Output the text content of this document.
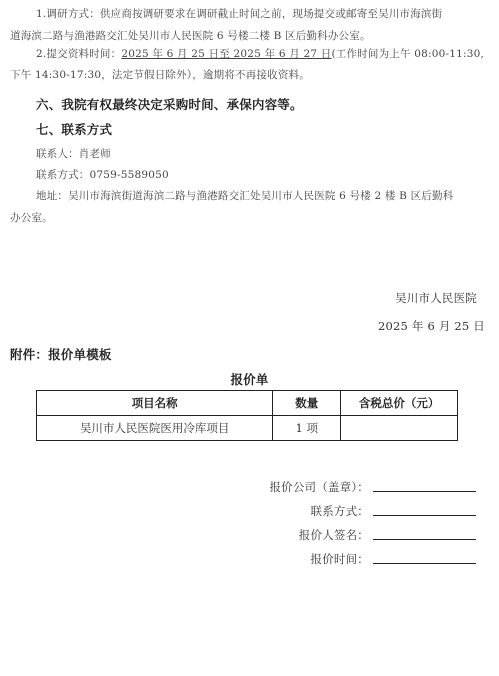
1.调研方式：供应商按调研要求在调研截止时间之前，现场提交或邮寄至吴川市海滨街
道海滨二路与渔港路交汇处吴川市人民医院 6 号楼二楼 B 区后勤科办公室。
2.提交资料时间：2025 年 6 月 25 日至 2025 年 6 月 27 日(工作时间为上午 08:00-11:30,
下午 14:30-17:30，法定节假日除外），逾期将不再接收资料。
六、我院有权最终决定采购时间、承保内容等。
七、联系方式
联系人：肖老师
联系方式：0759-5589050
地址：吴川市海滨街道海滨二路与渔港路交汇处吴川市人民医院 6 号楼 2 楼 B 区后勤科
办公室。
吴川市人民医院
2025 年 6 月 25 日
附件：报价单模板
报价单
项目名称	数量	含税总价（元）
吴川市人民医院医用冷库项目	1 项	
报价公司（盖章）：
联系方式：
报价人签名：
报价时间：
